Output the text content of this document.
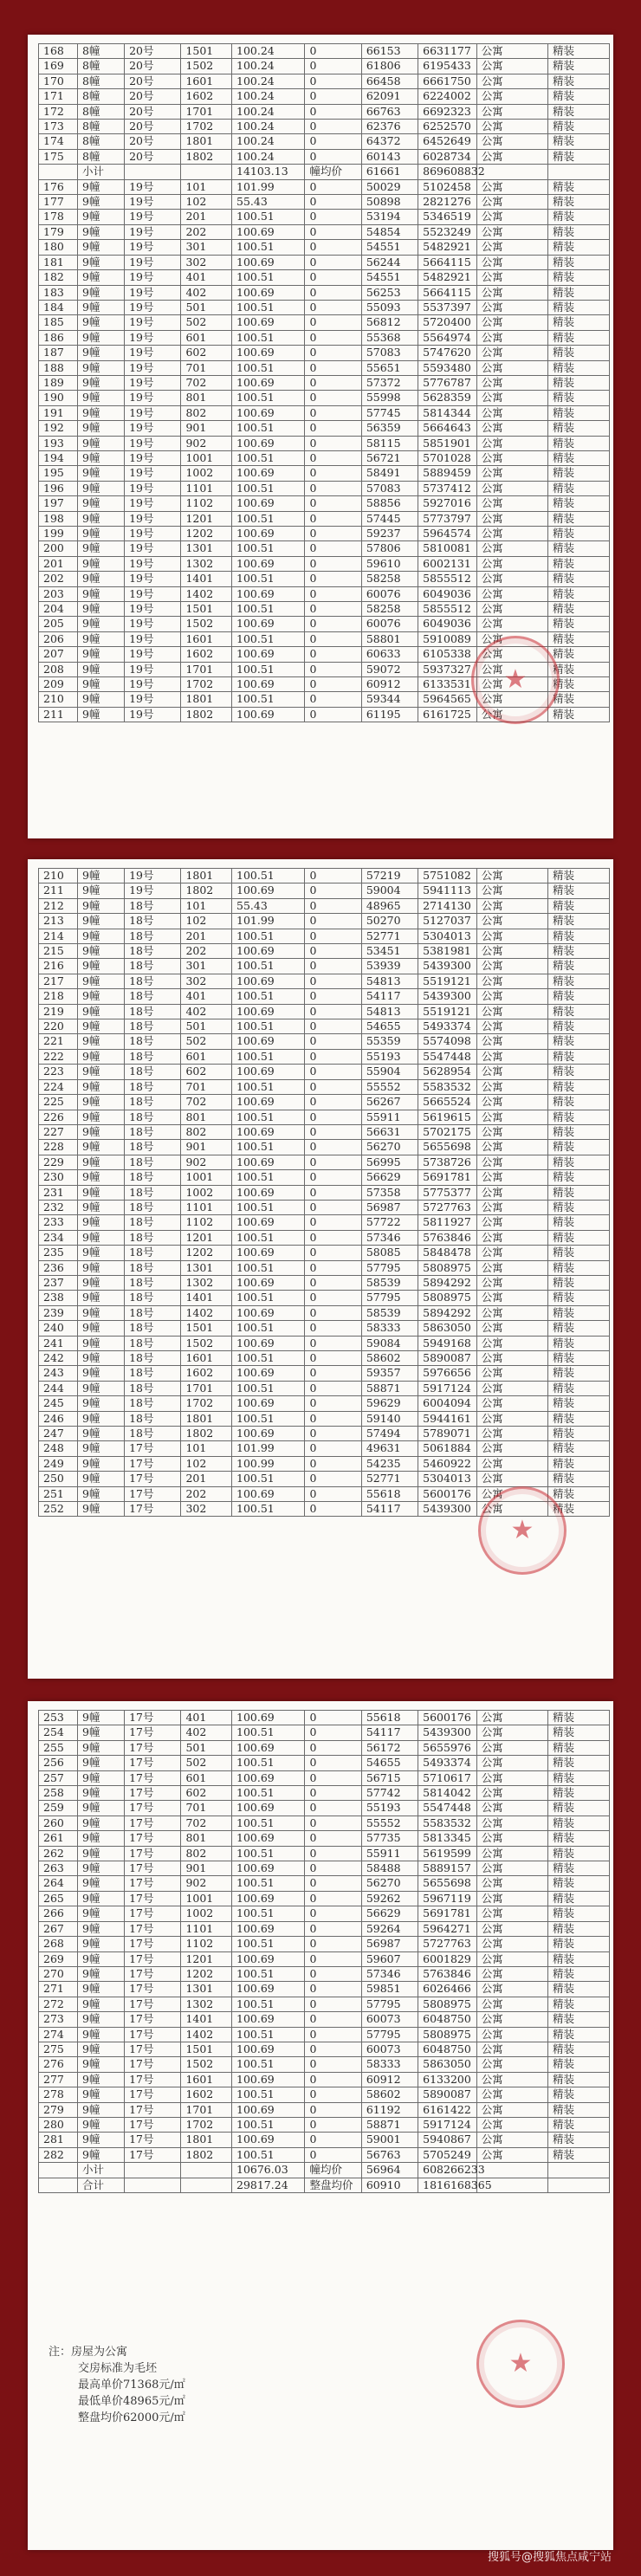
168	8幢	20号	1501	100.24	0	66153	6631177	公寓	精装
169	8幢	20号	1502	100.24	0	61806	6195433	公寓	精装
170	8幢	20号	1601	100.24	0	66458	6661750	公寓	精装
171	8幢	20号	1602	100.24	0	62091	6224002	公寓	精装
172	8幢	20号	1701	100.24	0	66763	6692323	公寓	精装
173	8幢	20号	1702	100.24	0	62376	6252570	公寓	精装
174	8幢	20号	1801	100.24	0	64372	6452649	公寓	精装
175	8幢	20号	1802	100.24	0	60143	6028734	公寓	精装
	小计			14103.13	幢均价	61661	869608832		
176	9幢	19号	101	101.99	0	50029	5102458	公寓	精装
177	9幢	19号	102	55.43	0	50898	2821276	公寓	精装
178	9幢	19号	201	100.51	0	53194	5346519	公寓	精装
179	9幢	19号	202	100.69	0	54854	5523249	公寓	精装
180	9幢	19号	301	100.51	0	54551	5482921	公寓	精装
181	9幢	19号	302	100.69	0	56244	5664115	公寓	精装
182	9幢	19号	401	100.51	0	54551	5482921	公寓	精装
183	9幢	19号	402	100.69	0	56253	5664115	公寓	精装
184	9幢	19号	501	100.51	0	55093	5537397	公寓	精装
185	9幢	19号	502	100.69	0	56812	5720400	公寓	精装
186	9幢	19号	601	100.51	0	55368	5564974	公寓	精装
187	9幢	19号	602	100.69	0	57083	5747620	公寓	精装
188	9幢	19号	701	100.51	0	55651	5593480	公寓	精装
189	9幢	19号	702	100.69	0	57372	5776787	公寓	精装
190	9幢	19号	801	100.51	0	55998	5628359	公寓	精装
191	9幢	19号	802	100.69	0	57745	5814344	公寓	精装
192	9幢	19号	901	100.51	0	56359	5664643	公寓	精装
193	9幢	19号	902	100.69	0	58115	5851901	公寓	精装
194	9幢	19号	1001	100.51	0	56721	5701028	公寓	精装
195	9幢	19号	1002	100.69	0	58491	5889459	公寓	精装
196	9幢	19号	1101	100.51	0	57083	5737412	公寓	精装
197	9幢	19号	1102	100.69	0	58856	5927016	公寓	精装
198	9幢	19号	1201	100.51	0	57445	5773797	公寓	精装
199	9幢	19号	1202	100.69	0	59237	5964574	公寓	精装
200	9幢	19号	1301	100.51	0	57806	5810081	公寓	精装
201	9幢	19号	1302	100.69	0	59610	6002131	公寓	精装
202	9幢	19号	1401	100.51	0	58258	5855512	公寓	精装
203	9幢	19号	1402	100.69	0	60076	6049036	公寓	精装
204	9幢	19号	1501	100.51	0	58258	5855512	公寓	精装
205	9幢	19号	1502	100.69	0	60076	6049036	公寓	精装
206	9幢	19号	1601	100.51	0	58801	5910089	公寓	精装
207	9幢	19号	1602	100.69	0	60633	6105338	公寓	精装
208	9幢	19号	1701	100.51	0	59072	5937327	公寓	精装
209	9幢	19号	1702	100.69	0	60912	6133531	公寓	精装
210	9幢	19号	1801	100.51	0	59344	5964565	公寓	精装
211	9幢	19号	1802	100.69	0	61195	6161725	公寓	精装
★
210	9幢	19号	1801	100.51	0	57219	5751082	公寓	精装
211	9幢	19号	1802	100.69	0	59004	5941113	公寓	精装
212	9幢	18号	101	55.43	0	48965	2714130	公寓	精装
213	9幢	18号	102	101.99	0	50270	5127037	公寓	精装
214	9幢	18号	201	100.51	0	52771	5304013	公寓	精装
215	9幢	18号	202	100.69	0	53451	5381981	公寓	精装
216	9幢	18号	301	100.51	0	53939	5439300	公寓	精装
217	9幢	18号	302	100.69	0	54813	5519121	公寓	精装
218	9幢	18号	401	100.51	0	54117	5439300	公寓	精装
219	9幢	18号	402	100.69	0	54813	5519121	公寓	精装
220	9幢	18号	501	100.51	0	54655	5493374	公寓	精装
221	9幢	18号	502	100.69	0	55359	5574098	公寓	精装
222	9幢	18号	601	100.51	0	55193	5547448	公寓	精装
223	9幢	18号	602	100.69	0	55904	5628954	公寓	精装
224	9幢	18号	701	100.51	0	55552	5583532	公寓	精装
225	9幢	18号	702	100.69	0	56267	5665524	公寓	精装
226	9幢	18号	801	100.51	0	55911	5619615	公寓	精装
227	9幢	18号	802	100.69	0	56631	5702175	公寓	精装
228	9幢	18号	901	100.51	0	56270	5655698	公寓	精装
229	9幢	18号	902	100.69	0	56995	5738726	公寓	精装
230	9幢	18号	1001	100.51	0	56629	5691781	公寓	精装
231	9幢	18号	1002	100.69	0	57358	5775377	公寓	精装
232	9幢	18号	1101	100.51	0	56987	5727763	公寓	精装
233	9幢	18号	1102	100.69	0	57722	5811927	公寓	精装
234	9幢	18号	1201	100.51	0	57346	5763846	公寓	精装
235	9幢	18号	1202	100.69	0	58085	5848478	公寓	精装
236	9幢	18号	1301	100.51	0	57795	5808975	公寓	精装
237	9幢	18号	1302	100.69	0	58539	5894292	公寓	精装
238	9幢	18号	1401	100.51	0	57795	5808975	公寓	精装
239	9幢	18号	1402	100.69	0	58539	5894292	公寓	精装
240	9幢	18号	1501	100.51	0	58333	5863050	公寓	精装
241	9幢	18号	1502	100.69	0	59084	5949168	公寓	精装
242	9幢	18号	1601	100.51	0	58602	5890087	公寓	精装
243	9幢	18号	1602	100.69	0	59357	5976656	公寓	精装
244	9幢	18号	1701	100.51	0	58871	5917124	公寓	精装
245	9幢	18号	1702	100.69	0	59629	6004094	公寓	精装
246	9幢	18号	1801	100.51	0	59140	5944161	公寓	精装
247	9幢	18号	1802	100.69	0	57494	5789071	公寓	精装
248	9幢	17号	101	101.99	0	49631	5061884	公寓	精装
249	9幢	17号	102	100.99	0	54235	5460922	公寓	精装
250	9幢	17号	201	100.51	0	52771	5304013	公寓	精装
251	9幢	17号	202	100.69	0	55618	5600176	公寓	精装
252	9幢	17号	302	100.51	0	54117	5439300	公寓	精装
★
253	9幢	17号	401	100.69	0	55618	5600176	公寓	精装
254	9幢	17号	402	100.51	0	54117	5439300	公寓	精装
255	9幢	17号	501	100.69	0	56172	5655976	公寓	精装
256	9幢	17号	502	100.51	0	54655	5493374	公寓	精装
257	9幢	17号	601	100.69	0	56715	5710617	公寓	精装
258	9幢	17号	602	100.51	0	57742	5814042	公寓	精装
259	9幢	17号	701	100.69	0	55193	5547448	公寓	精装
260	9幢	17号	702	100.51	0	55552	5583532	公寓	精装
261	9幢	17号	801	100.69	0	57735	5813345	公寓	精装
262	9幢	17号	802	100.51	0	55911	5619599	公寓	精装
263	9幢	17号	901	100.69	0	58488	5889157	公寓	精装
264	9幢	17号	902	100.51	0	56270	5655698	公寓	精装
265	9幢	17号	1001	100.69	0	59262	5967119	公寓	精装
266	9幢	17号	1002	100.51	0	56629	5691781	公寓	精装
267	9幢	17号	1101	100.69	0	59264	5964271	公寓	精装
268	9幢	17号	1102	100.51	0	56987	5727763	公寓	精装
269	9幢	17号	1201	100.69	0	59607	6001829	公寓	精装
270	9幢	17号	1202	100.51	0	57346	5763846	公寓	精装
271	9幢	17号	1301	100.69	0	59851	6026466	公寓	精装
272	9幢	17号	1302	100.51	0	57795	5808975	公寓	精装
273	9幢	17号	1401	100.69	0	60073	6048750	公寓	精装
274	9幢	17号	1402	100.51	0	57795	5808975	公寓	精装
275	9幢	17号	1501	100.69	0	60073	6048750	公寓	精装
276	9幢	17号	1502	100.51	0	58333	5863050	公寓	精装
277	9幢	17号	1601	100.69	0	60912	6133200	公寓	精装
278	9幢	17号	1602	100.51	0	58602	5890087	公寓	精装
279	9幢	17号	1701	100.69	0	61192	6161422	公寓	精装
280	9幢	17号	1702	100.51	0	58871	5917124	公寓	精装
281	9幢	17号	1801	100.69	0	59001	5940867	公寓	精装
282	9幢	17号	1802	100.51	0	56763	5705249	公寓	精装
	小计			10676.03	幢均价	56964	608266233		
	合计			29817.24	整盘均价	60910	1816168365		
★
注：房屋为公寓
交房标准为毛坯
最高单价71368元/㎡
最低单价48965元/㎡
整盘均价62000元/㎡
搜狐号@搜狐焦点咸宁站
